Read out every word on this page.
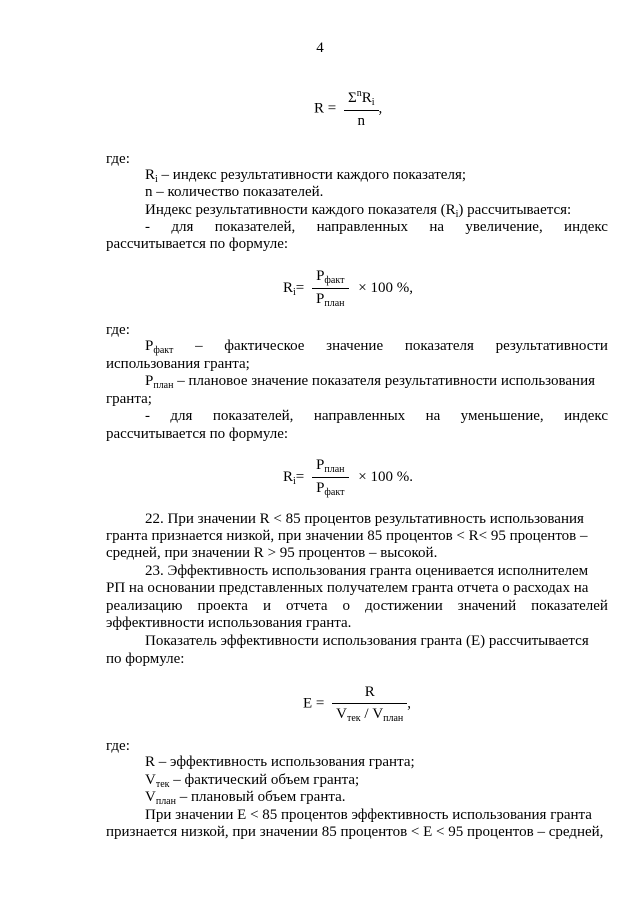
4
$R = \frac{\Sigma^nR_i}{n}$ ,
где:
$R_i$ – индекс результативности каждого показателя;
n – количество показателей.
Индекс результативности каждого показателя $(R_i)$ рассчитывается:
- для показателей, направленных на увеличение, индекс
рассчитывается по формуле:
$R_i= \frac{P_{факт}}{P_{план}} \times 100$ %,
где:
$P_{факт}$ – фактическое значение показателя результативности
использования гранта;
$P_{план}$ – плановое значение показателя результативности использования
гранта;
- для показателей, направленных на уменьшение, индекс
рассчитывается по формуле:
$R_i= \frac{P_{план}}{P_{факт}} \times 100$ %.
22. При значении R < 85 процентов результативность использования
гранта признается низкой, при значении 85 процентов < R< 95 процентов –
средней, при значении R > 95 процентов – высокой.
23. Эффективность использования гранта оценивается исполнителем
РП на основании представленных получателем гранта отчета о расходах на
реализацию проекта и отчета о достижении значений показателей
эффективности использования гранта.
Показатель эффективности использования гранта (Е) рассчитывается
по формуле:
$E = \frac{R}{V_{тек} / V_{план}}$ ,
где:
R – эффективность использования гранта;
$V_{тек}$ – фактический объем гранта;
$V_{план}$ – плановый объем гранта.
При значении Е < 85 процентов эффективность использования гранта
признается низкой, при значении 85 процентов < Е < 95 процентов – средней,
